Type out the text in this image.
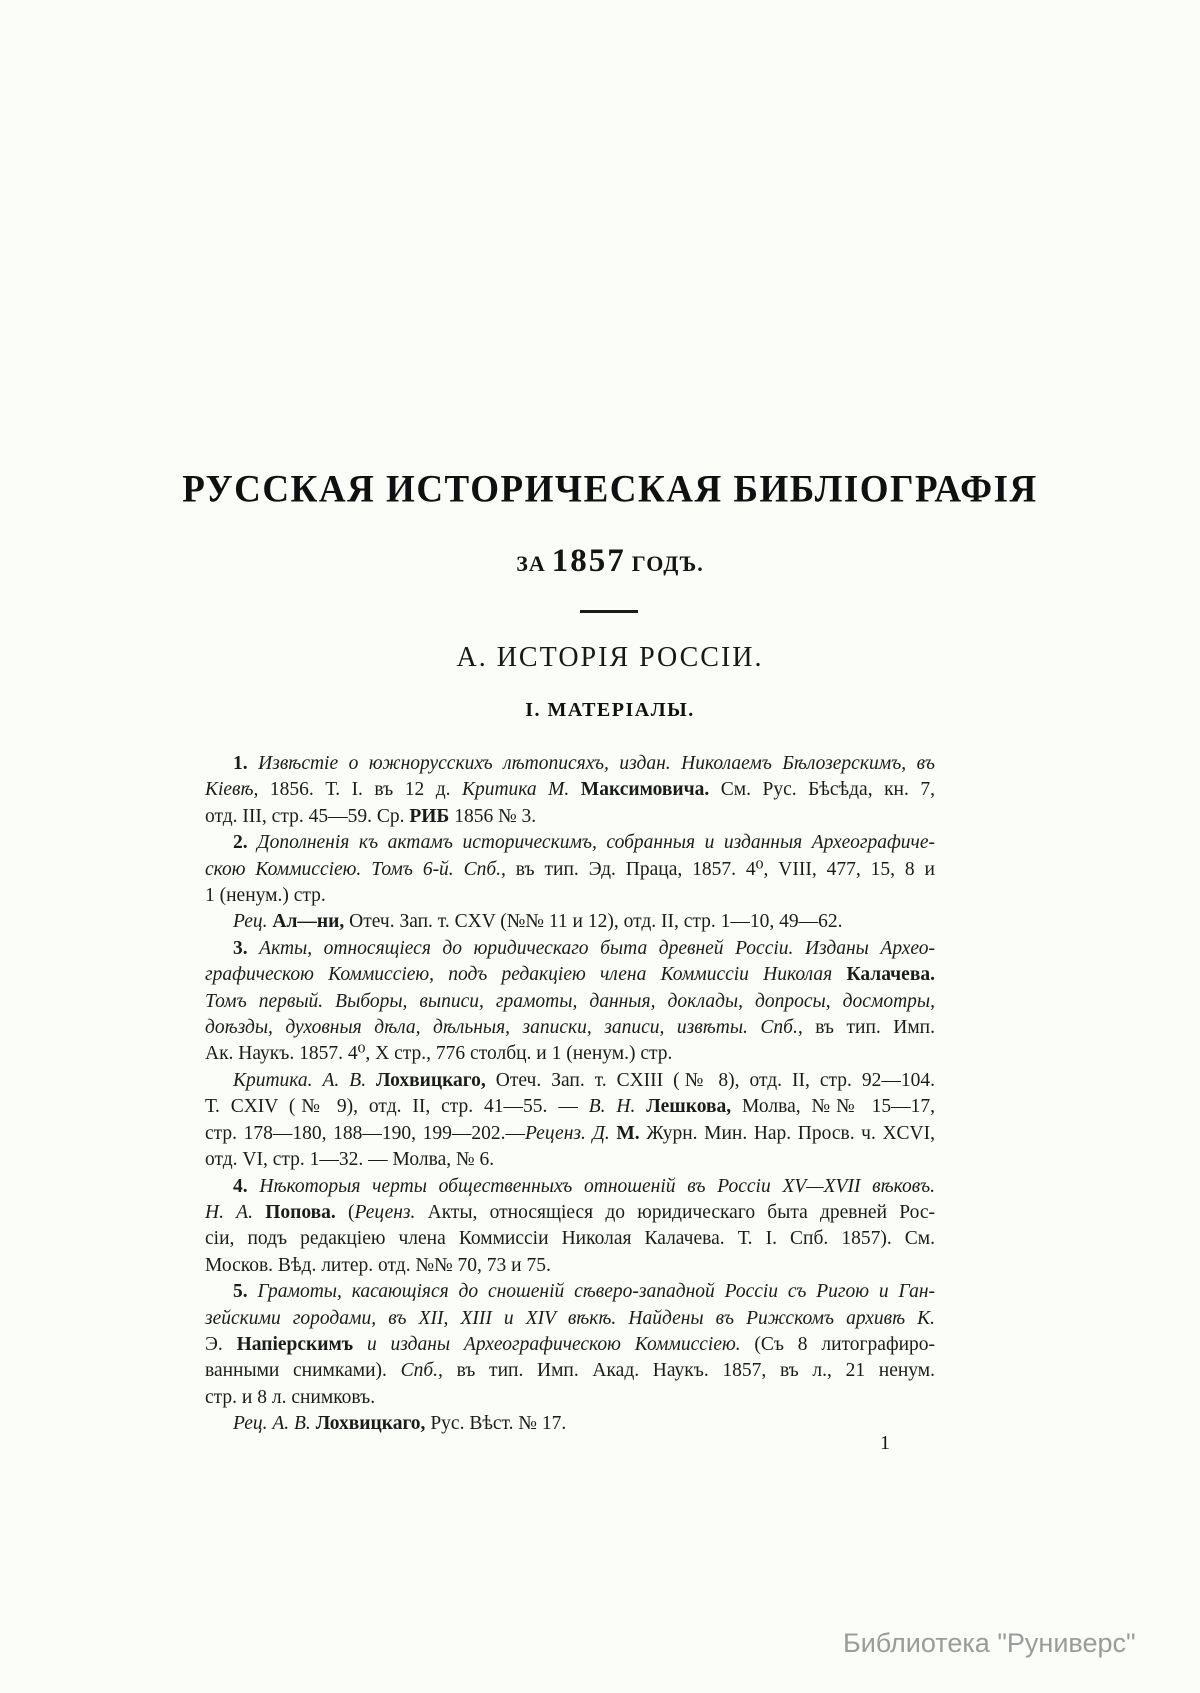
РУССКАЯ ИСТОРИЧЕСКАЯ БИБЛІОГРАФІЯ
ЗА 1857 ГОДЪ.
А. ИСТОРІЯ РОССІИ.
I. МАТЕРІАЛЫ.
1. Извѣстіе о южнорусскихъ лѣтописяхъ, издан. Николаемъ Бѣлозерскимъ, въ
Кіевѣ, 1856. Т. I. въ 12 д. Критика М. Максимовича. См. Рус. Бѣсѣда, кн. 7,
отд. III, стр. 45—59. Ср. РИБ 1856 № 3.
2. Дополненія къ актамъ историческимъ, собранныя и изданныя Археографиче-
скою Коммиссіею. Томъ 6-й. Спб., въ тип. Эд. Праца, 1857. 4⁰, VIII, 477, 15, 8 и
1 (ненум.) стр.
Рец. Ал—ни, Отеч. Зап. т. CXV (№№ 11 и 12), отд. II, стр. 1—10, 49—62.
3. Акты, относящіеся до юридическаго быта древней Россіи. Изданы Архео-
графическою Коммиссіею, подъ редакціею члена Коммиссіи Николая Калачева.
Томъ первый. Выборы, выписи, грамоты, данныя, доклады, допросы, досмотры,
доѣзды, духовныя дѣла, дѣльныя, записки, записи, извѣты. Спб., въ тип. Имп.
Ак. Наукъ. 1857. 4⁰, X стр., 776 столбц. и 1 (ненум.) стр.
Критика. А. В. Лохвицкаго, Отеч. Зап. т. CXIII (№ 8), отд. II, стр. 92—104.
Т. CXIV (№ 9), отд. II, стр. 41—55. — В. Н. Лешкова, Молва, №№ 15—17,
стр. 178—180, 188—190, 199—202.—Реценз. Д. М. Журн. Мин. Нар. Просв. ч. XCVI,
отд. VI, стр. 1—32. — Молва, № 6.
4. Нѣкоторыя черты общественныхъ отношеній въ Россіи XV—XVII вѣковъ.
Н. А. Попова. (Реценз. Акты, относящіеся до юридическаго быта древней Рос-
сіи, подъ редакціею члена Коммиссіи Николая Калачева. Т. I. Спб. 1857). См.
Москов. Вѣд. литер. отд. №№ 70, 73 и 75.
5. Грамоты, касающіяся до сношеній сѣверо-западной Россіи съ Ригою и Ган-
зейскими городами, въ XII, XIII и XIV вѣкѣ. Найдены въ Рижскомъ архивѣ К.
Э. Напіерскимъ и изданы Археографическою Коммиссіею. (Съ 8 литографиро-
ванными снимками). Спб., въ тип. Имп. Акад. Наукъ. 1857, въ л., 21 ненум.
стр. и 8 л. снимковъ.
Рец. А. В. Лохвицкаго, Рус. Вѣст. № 17.
1
Библиотека "Руниверс"
